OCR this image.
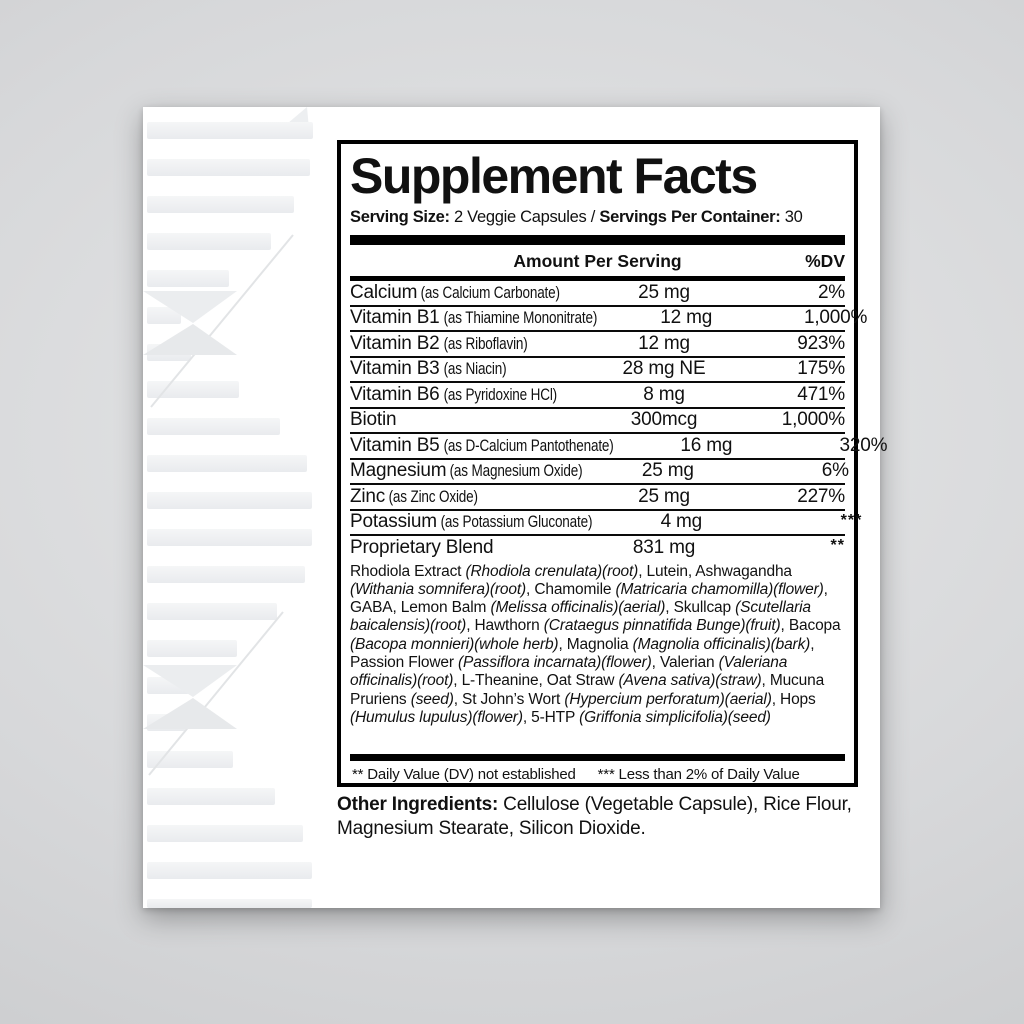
Supplement Facts
Serving Size: 2 Veggie Capsules / Servings Per Container: 30
Amount Per Serving	%DV
Calcium (as Calcium Carbonate)	25 mg	2%
Vitamin B1 (as Thiamine Mononitrate)	12 mg	1,000%
Vitamin B2 (as Riboflavin)	12 mg	923%
Vitamin B3 (as Niacin)	28 mg NE	175%
Vitamin B6 (as Pyridoxine HCl)	8 mg	471%
Biotin	300mcg	1,000%
Vitamin B5 (as D-Calcium Pantothenate)	16 mg	320%
Magnesium (as Magnesium Oxide)	25 mg	6%
Zinc (as Zinc Oxide)	25 mg	227%
Potassium (as Potassium Gluconate)	4 mg	***
Proprietary Blend	831 mg	**
Rhodiola Extract (Rhodiola crenulata)(root), Lutein, Ashwagandha (Withania somnifera)(root), Chamomile (Matricaria chamomilla)(flower), GABA, Lemon Balm (Melissa officinalis)(aerial), Skullcap (Scutellaria baicalensis)(root), Hawthorn (Crataegus pinnatifida Bunge)(fruit), Bacopa (Bacopa monnieri)(whole herb), Magnolia (Magnolia officinalis)(bark), Passion Flower (Passiflora incarnata)(flower), Valerian (Valeriana officinalis)(root), L-Theanine, Oat Straw (Avena sativa)(straw), Mucuna Pruriens (seed), St John’s Wort (Hypercium perforatum)(aerial), Hops (Humulus lupulus)(flower), 5-HTP (Griffonia simplicifolia)(seed)
** Daily Value (DV) not established *** Less than 2% of Daily Value
Other Ingredients: Cellulose (Vegetable Capsule), Rice Flour, Magnesium Stearate, Silicon Dioxide.
